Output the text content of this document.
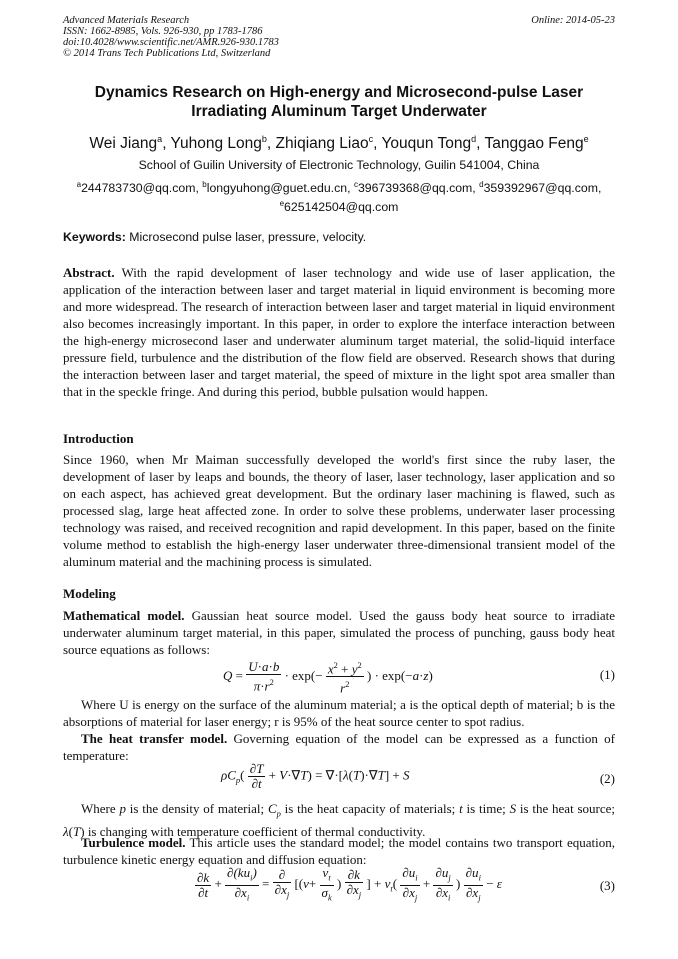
Advanced Materials Research
ISSN: 1662-8985, Vols. 926-930, pp 1783-1786
doi:10.4028/www.scientific.net/AMR.926-930.1783
© 2014 Trans Tech Publications Ltd, Switzerland
Online: 2014-05-23
Dynamics Research on High-energy and Microsecond-pulse Laser
Irradiating Aluminum Target Underwater
Wei Jiang$^a$, Yuhong Long$^b$, Zhiqiang Liao$^c$, Youqun Tong$^d$, Tanggao Feng$^e$
School of Guilin University of Electronic Technology, Guilin 541004, China
$^a$244783730@qq.com, $^b$longyuhong@guet.edu.cn, $^c$396739368@qq.com, $^d$359392967@qq.com,
$^e$625142504@qq.com
Keywords: Microsecond pulse laser, pressure, velocity.
Abstract. With the rapid development of laser technology and wide use of laser application, the application of the interaction between laser and target material in liquid environment is becoming more and more widespread. The research of interaction between laser and target material in liquid environment also becomes increasingly important. In this paper, in order to explore the interface interaction between the high-energy microsecond laser and underwater aluminum target material, the solid-liquid interface pressure field, turbulence and the distribution of the flow field are observed. Research shows that during the interaction between laser and target material, the speed of mixture in the light spot area smaller than that in the speckle fringe. And during this period, bubble pulsation would happen.
Introduction
Since 1960, when Mr Maiman successfully developed the world's first since the ruby laser, the development of laser by leaps and bounds, the theory of laser, laser technology, laser application and so on each aspect, has achieved great development. But the ordinary laser machining is flawed, such as processed slag, large heat affected zone. In order to solve these problems, underwater laser processing technology was raised, and received recognition and rapid development. In this paper, based on the finite volume method to establish the high-energy laser underwater three-dimensional transient model of the aluminum material and the machining process is simulated.
Modeling
Mathematical model. Gaussian heat source model. Used the gauss body heat source to irradiate underwater aluminum target material, in this paper, simulated the process of punching, gauss body heat source equations as follows:
$Q = \frac{U\cdot a\cdot b}{\pi\cdot r^2} \cdot \exp(- \frac{x^2 + y^2}{r^2}$ ) · exp(−a·z)	(1)
Where U is energy on the surface of the aluminum material; a is the optical depth of material; b is the absorptions of material for laser energy; r is 95% of the heat source center to spot radius.
The heat transfer model. Governing equation of the model can be expressed as a function of temperature:
$\rho C_p( \frac{\partial T}{\partial t} + V\cdot\nabla T) = \nabla\cdot[\lambda(T)\cdot\nabla T] + S$	(2)
Where p is the density of material; $C_p$ is the heat capacity of materials; t is time; S is the heat source; λ(T) is changing with temperature coefficient of thermal conductivity.
Turbulence model. This article uses the standard model; the model contains two transport equation, turbulence kinetic energy equation and diffusion equation:
$\frac{\partial k}{\partial t} + \frac{\partial(ku_i)}{\partial x_i} = \frac{\partial}{\partial x_j} [(v+ \frac{v_t}{\sigma_k}$ ) $\frac{\partial k}{\partial x_j}$ ] + $v_t( \frac{\partial u_i}{\partial x_j} + \frac{\partial u_j}{\partial x_i}$ ) $\frac{\partial u_i}{\partial x_j} - \varepsilon$	(3)
